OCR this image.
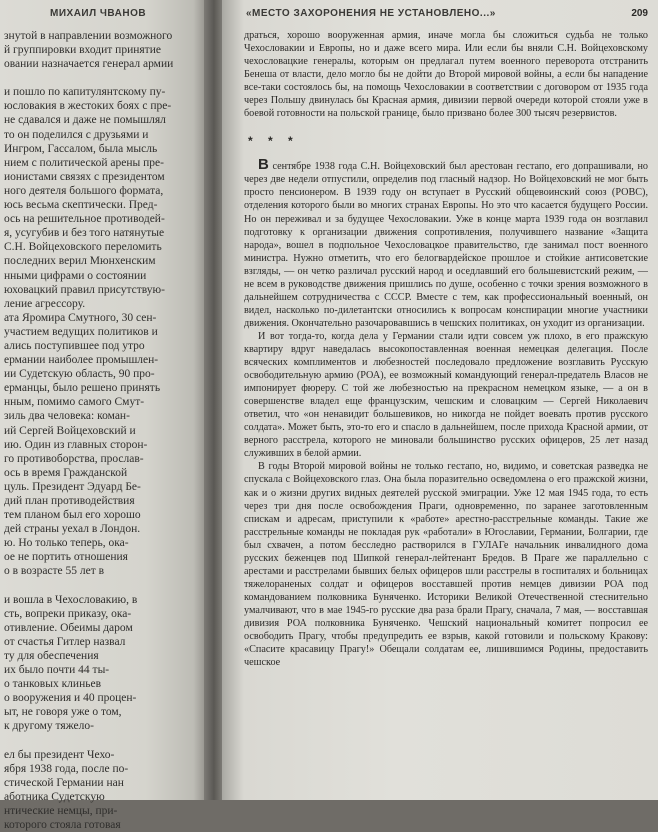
МИХАИЛ ЧВАНОВ
знутой в направлении возможного
й группировки входит принятие
овании назначается генерал армии
и пошло по капитулянтскому пу-
юсловакия в жестоких боях с пре-
не сдавался и даже не помышлял
то он поделился с друзьями и
Ингром, Гассалом, была мысль
нием с политической арены пре-
ионистами связях с президентом
ного деятеля большого формата,
юсь весьма скептически. Пред-
ось на решительное противодей-
я, усугубив и без того натянутые
С.Н. Войцеховского переломить
последних верил Мюнхенским
нными цифрами о состоянии
юховацкий правил присутствую-
ление агрессору.
ата Яромира Смутного, 30 сен-
участием ведущих политиков и
ались поступившее под утро
ермании наиболее промышлен-
ии Судетскую область, 90 про-
ерманцы, было решено принять
нным, помимо самого Смут-
зиль два человека: коман-
ий Сергей Войцеховский и
ию. Один из главных сторон-
го противоборства, прослав-
ось в время Гражданской
цуль. Президент Эдуард Бе-
дий план противодействия
тем планом был его хорошо
дей страны уехал в Лондон.
ю. Но только теперь, ока-
ое не портить отношения
о в возрасте 55 лет в
и вошла в Чехословакию, в
сть, вопреки приказу, ока-
отивление. Обеимы даром
от счастья Гитлер назвал
ту для обеспечения
их было почти 44 ты-
о танковых клиньев
о вооружения и 40 процен-
ыт, не говоря уже о том,
к другому тяжело-
ел бы президент Чехо-
ября 1938 года, после по-
стической Германии нан
аботника Судетскую
нтические немцы, при-
которого стояла готовая
«МЕСТО ЗАХОРОНЕНИЯ НЕ УСТАНОВЛЕНО...»	209

драться, хорошо вооруженная армия, иначе могла бы сложиться судьба не только Чехословакии и Европы, но и даже всего мира. Или если бы вняли С.Н. Войцеховскому чехословацкие генералы, которым он предлагал путем военного переворота отстранить Бенеша от власти, дело могло бы не дойти до Второй мировой войны, а если бы нападение все-таки состоялось бы, на помощь Чехословакии в соответствии с договором от 1935 года через Польшу двинулась бы Красная армия, дивизии первой очереди которой стояли уже в боевой готовности на польской границе, было призвано более 300 тысяч резервистов.

* * *

В сентябре 1938 года С.Н. Войцеховский был арестован гестапо, его допрашивали, но через две недели отпустили, определив под гласный надзор. Но Войцеховский не мог быть просто пенсионером. В 1939 году он вступает в Русский общевоинский союз (РОВС), отделения которого были во многих странах Европы. Но это что касается будущего России. Но он переживал и за будущее Чехословакии. Уже в конце марта 1939 года он возглавил подготовку к организации движения сопротивления, получившего название «Защита народа», вошел в подпольное Чехословацкое правительство, где занимал пост военного министра. Нужно отметить, что его белогвардейское прошлое и стойкие антисоветские взгляды, — он четко различал русский народ и оседлавший его большевистский режим, — не всем в руководстве движения пришлись по душе, особенно с точки зрения возможного в дальнейшем сотрудничества с СССР. Вместе с тем, как профессиональный военный, он видел, насколько по-дилетантски относились к вопросам конспирации многие участники движения. Окончательно разочаровавшись в чешских политиках, он уходит из организации.

И вот тогда-то, когда дела у Германии стали идти совсем уж плохо, в его пражскую квартиру вдруг наведалась высокопоставленная военная немецкая делегация. После всяческих комплиментов и любезностей последовало предложение возглавить Русскую освободительную армию (РОА), ее возможный командующий генерал-предатель Власов не импонирует фюреру. С той же любезностью на прекрасном немецком языке, — а он в совершенстве владел еще французским, чешским и словацким — Сергей Николаевич ответил, что «он ненавидит большевиков, но никогда не пойдет воевать против русского солдата». Может быть, это-то его и спасло в дальнейшем, после прихода Красной армии, от верного расстрела, которого не миновали большинство русских офицеров, 25 лет назад служивших в белой армии.

В годы Второй мировой войны не только гестапо, но, видимо, и советская разведка не спускала с Войцеховского глаз. Она была поразительно осведомлена о его пражской жизни, как и о жизни других видных деятелей русской эмиграции. Уже 12 мая 1945 года, то есть через три дня после освобождения Праги, одновременно, по заранее заготовленным спискам и адресам, приступили к «работе» арестно-расстрельные команды. Такие же расстрельные команды не покладая рук «работали» в Югославии, Германии, Болгарии, где был схвачен, а потом бесследно растворился в ГУЛАГе начальник инвалидного дома русских беженцев под Шипкой генерал-лейтенант Бредов. В Праге же параллельно с арестами и расстрелами бывших белых офицеров шли расстрелы в госпиталях и больницах тяжелораненых солдат и офицеров восставшей против немцев дивизии РОА под командованием полковника Буняченко. Историки Великой Отечественной стеснительно умалчивают, что в мае 1945-го русские два раза брали Прагу, сначала, 7 мая, — восставшая дивизия РОА полковника Буняченко. Чешский национальный комитет попросил ее освободить Прагу, чтобы предупредить ее взрыв, какой готовили и польскому Кракову: «Спасите красавицу Прагу!» Обещали солдатам ее, лишившимся Родины, предоставить чешское
